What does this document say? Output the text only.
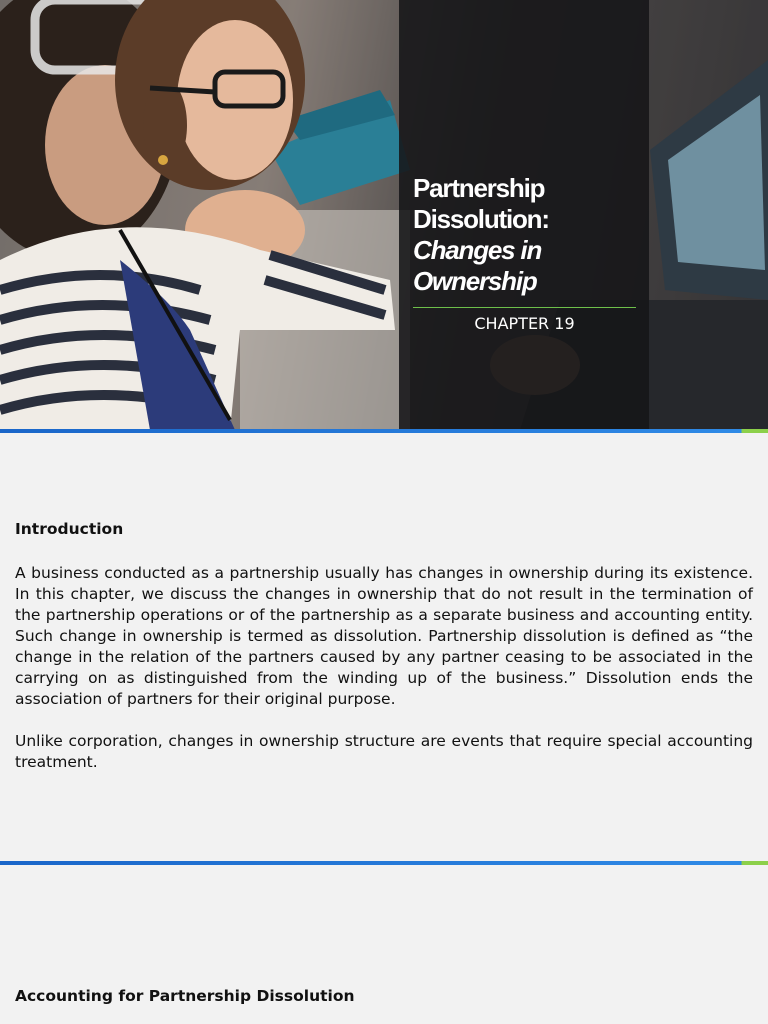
Partnership
Dissolution:
Changes in
Ownership
CHAPTER 19
Introduction

A business conducted as a partnership usually has changes in ownership during its existence. In this chapter, we discuss the changes in ownership that do not result in the termination of the partnership operations or of the partnership as a separate business and accounting entity. Such change in ownership is termed as dissolution. Partnership dissolution is defined as “the change in the relation of the partners caused by any partner ceasing to be associated in the carrying on as distinguished from the winding up of the business.” Dissolution ends the association of partners for their original purpose.

Unlike corporation, changes in ownership structure are events that require special accounting treatment.

Accounting for Partnership Dissolution
